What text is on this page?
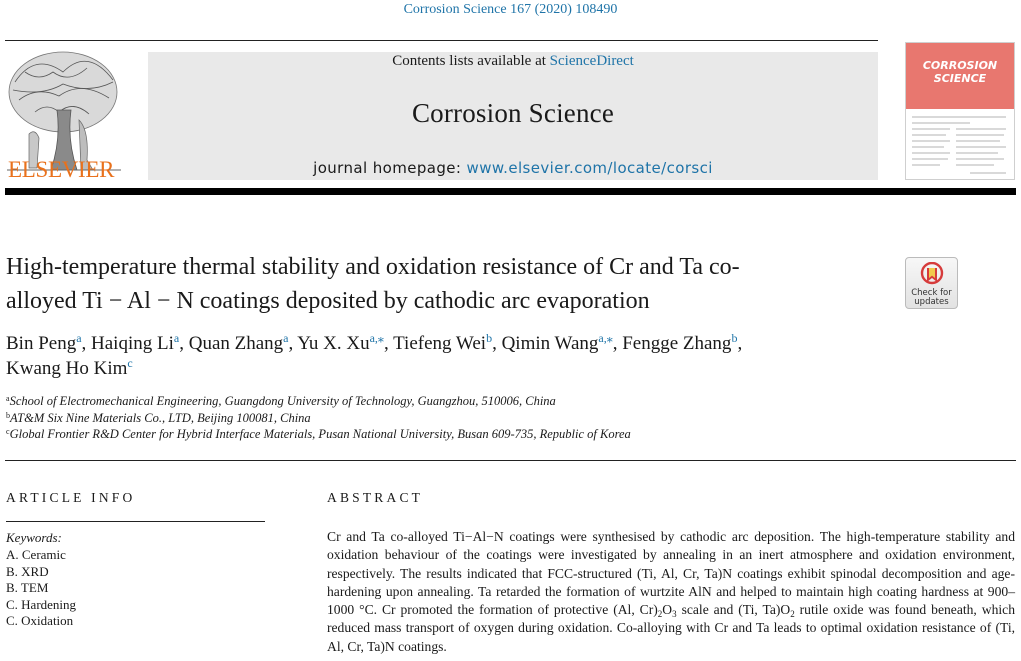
Corrosion Science 167 (2020) 108490
ELSEVIER
Contents lists available at ScienceDirect
Corrosion Science
journal homepage: www.elsevier.com/locate/corsci
CORROSION
SCIENCE
High-temperature thermal stability and oxidation resistance of Cr and Ta co-
alloyed Ti − Al − N coatings deposited by cathodic arc evaporation	Check for
updates
Bin Peng$^a$, Haiqing Li$^a$, Quan Zhang$^a$, Yu X. $Xu^{a,⁎}$, Tiefeng Wei$^b$, Qimin Wang$^{a,⁎}$, Fengge Zhang$^b$,
Kwang Ho Kim$^c$
$^a$School of Electromechanical Engineering, Guangdong University of Technology, Guangzhou, 510006, China
$^b$AT&M Six Nine Materials Co., LTD, Beijing 100081, China
$^c$Global Frontier R&D Center for Hybrid Interface Materials, Pusan National University, Busan 609-735, Republic of Korea
ARTICLE INFO
Keywords:
A. Ceramic
B. XRD
B. TEM
C. Hardening
C. Oxidation
ABSTRACT
Cr and Ta co-alloyed Ti−Al−N coatings were synthesised by cathodic arc deposition. The high-temperature stability and oxidation behaviour of the coatings were investigated by annealing in an inert atmosphere and oxidation environment, respectively. The results indicated that FCC-structured (Ti, Al, Cr, Ta)N coatings exhibit spinodal decomposition and age-hardening upon annealing. Ta retarded the formation of wurtzite AlN and helped to maintain high coating hardness at 900–1000 °C. Cr promoted the formation of protective (Al, $Cr)_2O_3$ scale and (Ti, $Ta)O_2$ rutile oxide was found beneath, which reduced mass transport of oxygen during oxidation. Co-alloying with Cr and Ta leads to optimal oxidation resistance of (Ti, Al, Cr, Ta)N coatings.
